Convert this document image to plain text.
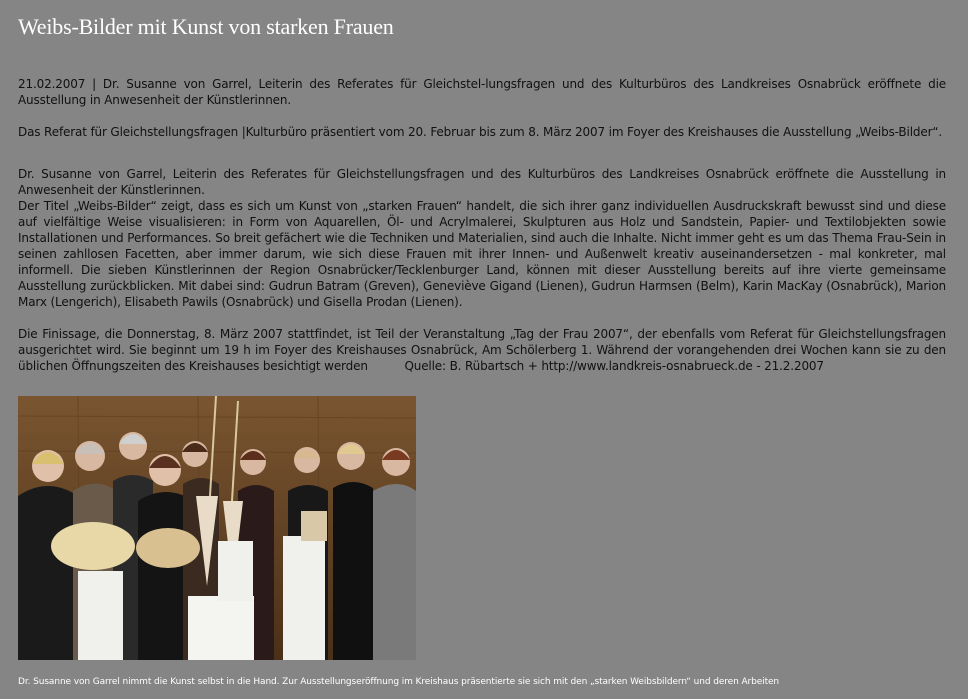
Weibs-Bilder mit Kunst von starken Frauen

21.02.2007 | Dr. Susanne von Garrel, Leiterin des Referates für Gleichstel-lungsfragen und des Kulturbüros des Landkreises Osnabrück eröffnete die Ausstellung in Anwesenheit der Künstlerinnen.

Das Referat für Gleichstellungsfragen |Kulturbüro präsentiert vom 20. Februar bis zum 8. März 2007 im Foyer des Kreishauses die Ausstellung „Weibs-Bilder“.

Dr. Susanne von Garrel, Leiterin des Referates für Gleichstellungsfragen und des Kulturbüros des Landkreises Osnabrück eröffnete die Ausstellung in Anwesenheit der Künstlerinnen.

Der Titel „Weibs-Bilder“ zeigt, dass es sich um Kunst von „starken Frauen“ handelt, die sich ihrer ganz individuellen Ausdruckskraft bewusst sind und diese auf vielfältige Weise visualisieren: in Form von Aquarellen, Öl- und Acrylmalerei, Skulpturen aus Holz und Sandstein, Papier- und Textilobjekten sowie Installationen und Performances. So breit gefächert wie die Techniken und Materialien, sind auch die Inhalte. Nicht immer geht es um das Thema Frau-Sein in seinen zahllosen Facetten, aber immer darum, wie sich diese Frauen mit ihrer Innen- und Außenwelt kreativ auseinandersetzen - mal konkreter, mal informell. Die sieben Künstlerinnen der Region Osnabrücker/Tecklenburger Land, können mit dieser Ausstellung bereits auf ihre vierte gemeinsame Ausstellung zurückblicken. Mit dabei sind: Gudrun Batram (Greven), Geneviève Gigand (Lienen), Gudrun Harmsen (Belm), Karin MacKay (Osnabrück), Marion Marx (Lengerich), Elisabeth Pawils (Osnabrück) und Gisella Prodan (Lienen).

Die Finissage, die Donnerstag, 8. März 2007 stattfindet, ist Teil der Veranstaltung „Tag der Frau 2007“, der ebenfalls vom Referat für Gleichstellungsfragen ausgerichtet wird. Sie beginnt um 19 h im Foyer des Kreishauses Osnabrück, Am Schölerberg 1. Während der vorangehenden drei Wochen kann sie zu den üblichen Öffnungszeiten des Kreishauses besichtigt werden	Quelle: B. Rübartsch + http://www.landkreis-osnabrueck.de - 21.2.2007

Dr. Susanne von Garrel nimmt die Kunst selbst in die Hand. Zur Ausstellungseröffnung im Kreishaus präsentierte sie sich mit den „starken Weibsbildern“ und deren Arbeiten
